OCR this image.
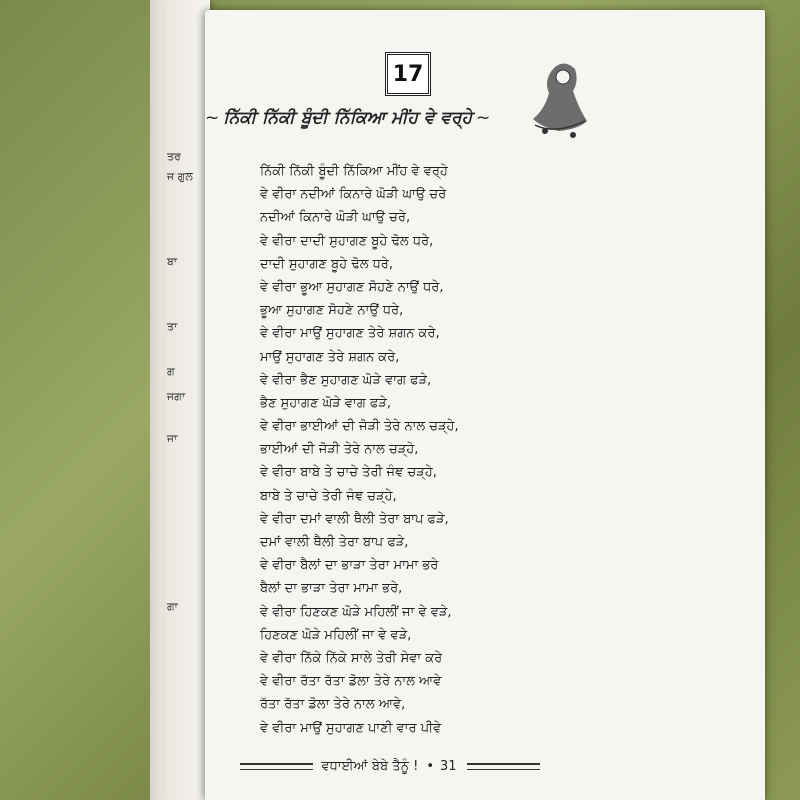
ਤਰ
ਜ ਗੁਲ
ਬਾ
ਤਾ
ਗ
ਜਗਾ
ਜਾ
ਗਾ
17
~ ਨਿੱਕੀ ਨਿੱਕੀ ਬੂੰਦੀ ਨਿੱਕਿਆ ਮੀਂਹ ਵੇ ਵਰ੍ਹੇ ~
ਨਿੱਕੀ ਨਿੱਕੀ ਬੂੰਦੀ ਨਿੱਕਿਆ ਮੀਂਹ ਵੇ ਵਰ੍ਹੇ
ਵੇ ਵੀਰਾ ਨਦੀਆਂ ਕਿਨਾਰੇ ਘੋੜੀ ਘਾਉ ਚਰੇ
ਨਦੀਆਂ ਕਿਨਾਰੇ ਘੋੜੀ ਘਾਉ ਚਰੇ,
ਵੇ ਵੀਰਾ ਦਾਦੀ ਸੁਹਾਗਣ ਬੂਹੇ ਢੋਲ ਧਰੇ,
ਦਾਦੀ ਸੁਹਾਗਣ ਬੂਹੇ ਢੋਲ ਧਰੇ,
ਵੇ ਵੀਰਾ ਭੂਆ ਸੁਹਾਗਣ ਸੋਹਣੇ ਨਾਉਂ ਧਰੇ,
ਭੂਆ ਸੁਹਾਗਣ ਸੋਹਣੇ ਨਾਉਂ ਧਰੇ,
ਵੇ ਵੀਰਾ ਮਾਉਂ ਸੁਹਾਗਣ ਤੇਰੇ ਸ਼ਗਨ ਕਰੇ,
ਮਾਉਂ ਸੁਹਾਗਣ ਤੇਰੇ ਸ਼ਗਨ ਕਰੇ,
ਵੇ ਵੀਰਾ ਭੈਣ ਸੁਹਾਗਣ ਘੋੜੇ ਵਾਗ ਫੜੇ,
ਭੈਣ ਸੁਹਾਗਣ ਘੋੜੇ ਵਾਗ ਫੜੇ,
ਵੇ ਵੀਰਾ ਭਾਈਆਂ ਦੀ ਜੋੜੀ ਤੇਰੇ ਨਾਲ ਚੜ੍ਹੇ,
ਭਾਈਆਂ ਦੀ ਜੋੜੀ ਤੇਰੇ ਨਾਲ ਚੜ੍ਹੇ,
ਵੇ ਵੀਰਾ ਬਾਬੇ ਤੇ ਚਾਚੇ ਤੇਰੀ ਜੰਞ ਚੜ੍ਹੇ,
ਬਾਬੇ ਤੇ ਚਾਚੇ ਤੇਰੀ ਜੰਞ ਚੜ੍ਹੇ,
ਵੇ ਵੀਰਾ ਦਮਾਂ ਵਾਲੀ ਥੈਲੀ ਤੇਰਾ ਬਾਪ ਫੜੇ,
ਦਮਾਂ ਵਾਲੀ ਥੈਲੀ ਤੇਰਾ ਬਾਪ ਫੜੇ,
ਵੇ ਵੀਰਾ ਬੈਲਾਂ ਦਾ ਭਾੜਾ ਤੇਰਾ ਮਾਮਾ ਭਰੇ
ਬੈਲਾਂ ਦਾ ਭਾੜਾ ਤੇਰਾ ਮਾਮਾ ਭਰੇ,
ਵੇ ਵੀਰਾ ਹਿਣਕਣ ਘੋੜੇ ਮਹਿਲੀਂ ਜਾ ਵੇ ਵੜੇ,
ਹਿਣਕਣ ਘੋੜੇ ਮਹਿਲੀਂ ਜਾ ਵੇ ਵੜੇ,
ਵੇ ਵੀਰਾ ਨਿੱਕੇ ਨਿੱਕੇ ਸਾਲੇ ਤੇਰੀ ਸੇਵਾ ਕਰੇ
ਵੇ ਵੀਰਾ ਰੱਤਾ ਰੱਤਾ ਡੋਲਾ ਤੇਰੇ ਨਾਲ ਆਵੇ
ਰੱਤਾ ਰੱਤਾ ਡੋਲਾ ਤੇਰੇ ਨਾਲ ਆਵੇ,
ਵੇ ਵੀਰਾ ਮਾਉਂ ਸੁਹਾਗਣ ਪਾਣੀ ਵਾਰ ਪੀਵੇ
ਵਧਾਈਆਂ ਬੇਬੇ ਤੈਨੂੰ ! • 31
